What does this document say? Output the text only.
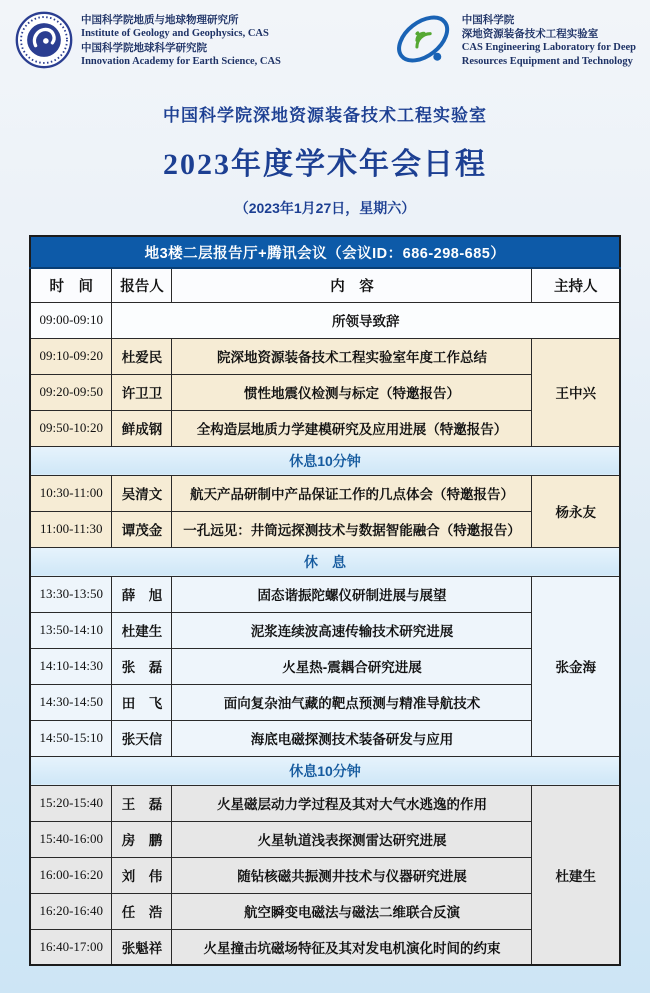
中国科学院地质与地球物理研究所
Institute of Geology and Geophysics, CAS
中国科学院地球科学研究院
Innovation Academy for Earth Science, CAS
中国科学院
深地资源装备技术工程实验室
CAS Engineering Laboratory for Deep
Resources Equipment and Technology
中国科学院深地资源装备技术工程实验室
2023年度学术年会日程
（2023年1月27日，星期六）
地3楼二层报告厅+腾讯会议（会议ID：686-298-685）			
时　间	报告人	内　容	主持人
09:00-09:10	所领导致辞		
09:10-09:20	杜爱民	院深地资源装备技术工程实验室年度工作总结	王中兴
09:20-09:50	许卫卫	惯性地震仪检测与标定（特邀报告）	
09:50-10:20	鲜成钢	全构造层地质力学建模研究及应用进展（特邀报告）	
休息10分钟			
10:30-11:00	吴清文	航天产品研制中产品保证工作的几点体会（特邀报告）	杨永友
11:00-11:30	谭茂金	一孔远见：井筒远探测技术与数据智能融合（特邀报告）	
休　息			
13:30-13:50	薛　旭	固态谐振陀螺仪研制进展与展望	张金海
13:50-14:10	杜建生	泥浆连续波高速传输技术研究进展	
14:10-14:30	张　磊	火星热-震耦合研究进展	
14:30-14:50	田　飞	面向复杂油气藏的靶点预测与精准导航技术	
14:50-15:10	张天信	海底电磁探测技术装备研发与应用	
休息10分钟			
15:20-15:40	王　磊	火星磁层动力学过程及其对大气水逃逸的作用	杜建生
15:40-16:00	房　鹏	火星轨道浅表探测雷达研究进展	
16:00-16:20	刘　伟	随钻核磁共振测井技术与仪器研究进展	
16:20-16:40	任　浩	航空瞬变电磁法与磁法二维联合反演	
16:40-17:00	张魁祥	火星撞击坑磁场特征及其对发电机演化时间的约束	
